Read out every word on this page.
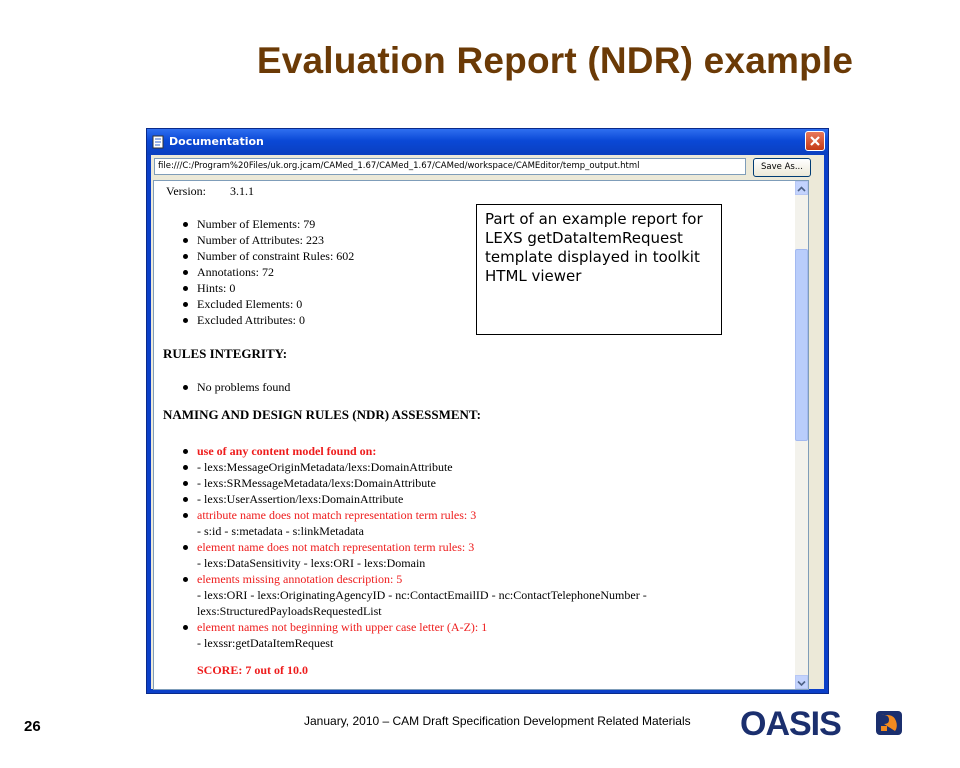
Evaluation Report (NDR) example
Documentation
file:///C:/Program%20Files/uk.org.jcam/CAMed_1.67/CAMed_1.67/CAMed/workspace/CAMEditor/temp_output.html	Save As...
Version: 3.1.1
Number of Elements: 79
Number of Attributes: 223
Number of constraint Rules: 602
Annotations: 72
Hints: 0
Excluded Elements: 0
Excluded Attributes: 0
RULES INTEGRITY:
No problems found
NAMING AND DESIGN RULES (NDR) ASSESSMENT:
use of any content model found on:
- lexs:MessageOriginMetadata/lexs:DomainAttribute
- lexs:SRMessageMetadata/lexs:DomainAttribute
- lexs:UserAssertion/lexs:DomainAttribute
attribute name does not match representation term rules: 3
- s:id - s:metadata - s:linkMetadata
element name does not match representation term rules: 3
- lexs:DataSensitivity - lexs:ORI - lexs:Domain
elements missing annotation description: 5
- lexs:ORI - lexs:OriginatingAgencyID - nc:ContactEmailID - nc:ContactTelephoneNumber -
lexs:StructuredPayloadsRequestedList
element names not beginning with upper case letter (A-Z): 1
- lexssr:getDataItemRequest
SCORE: 7 out of 10.0
Part of an example report for LEXS getDataItemRequest template displayed in toolkit HTML viewer
26	January, 2010 – CAM Draft Specification Development Related Materials OASIS
